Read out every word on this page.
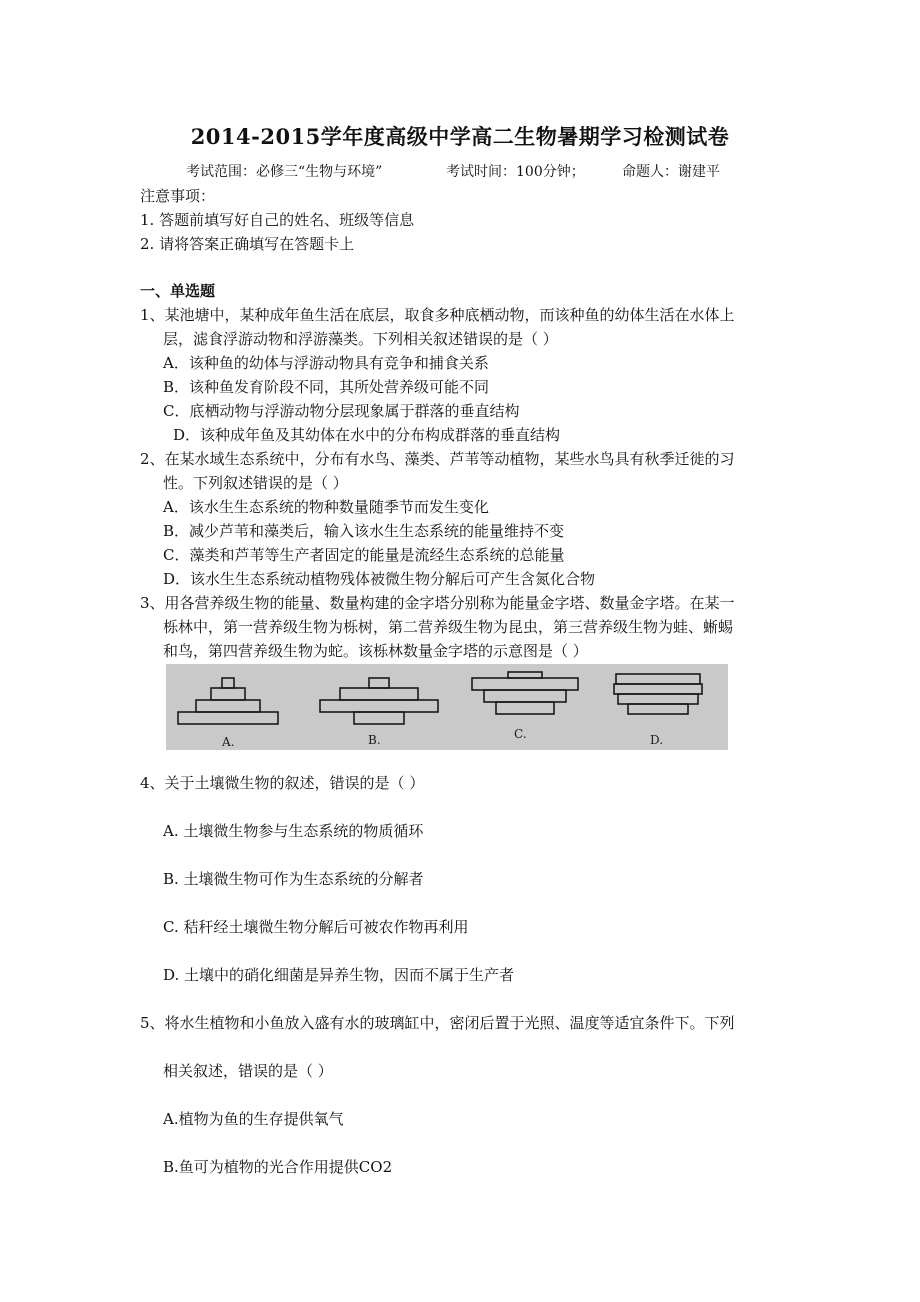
2014-2015学年度高级中学高二生物暑期学习检测试卷
考试范围：必修三“生物与环境”	考试时间：100分钟；	命题人：谢建平
注意事项：
1. 答题前填写好自己的姓名、班级等信息
2. 请将答案正确填写在答题卡上
一、单选题
1、某池塘中，某种成年鱼生活在底层，取食多种底栖动物，而该种鱼的幼体生活在水体上
层，滤食浮游动物和浮游藻类。下列相关叙述错误的是（ ）
A．该种鱼的幼体与浮游动物具有竞争和捕食关系
B．该种鱼发育阶段不同，其所处营养级可能不同
C．底栖动物与浮游动物分层现象属于群落的垂直结构
D．该种成年鱼及其幼体在水中的分布构成群落的垂直结构
2、在某水域生态系统中，分布有水鸟、藻类、芦苇等动植物，某些水鸟具有秋季迁徙的习
性。下列叙述错误的是（ ）
A．该水生生态系统的物种数量随季节而发生变化
B．减少芦苇和藻类后，输入该水生生态系统的能量维持不变
C．藻类和芦苇等生产者固定的能量是流经生态系统的总能量
D．该水生生态系统动植物残体被微生物分解后可产生含氮化合物
3、用各营养级生物的能量、数量构建的金字塔分别称为能量金字塔、数量金字塔。在某一
栎林中，第一营养级生物为栎树，第二营养级生物为昆虫，第三营养级生物为蛙、蜥蜴
和鸟，第四营养级生物为蛇。该栎林数量金字塔的示意图是（ ）
A.	B.	C.	D.
4、关于土壤微生物的叙述，错误的是（ ）
A. 土壤微生物参与生态系统的物质循环
B. 土壤微生物可作为生态系统的分解者
C. 秸秆经土壤微生物分解后可被农作物再利用
D. 土壤中的硝化细菌是异养生物，因而不属于生产者
5、将水生植物和小鱼放入盛有水的玻璃缸中，密闭后置于光照、温度等适宜条件下。下列
相关叙述，错误的是（ ）
A.植物为鱼的生存提供氧气
B.鱼可为植物的光合作用提供CO2
